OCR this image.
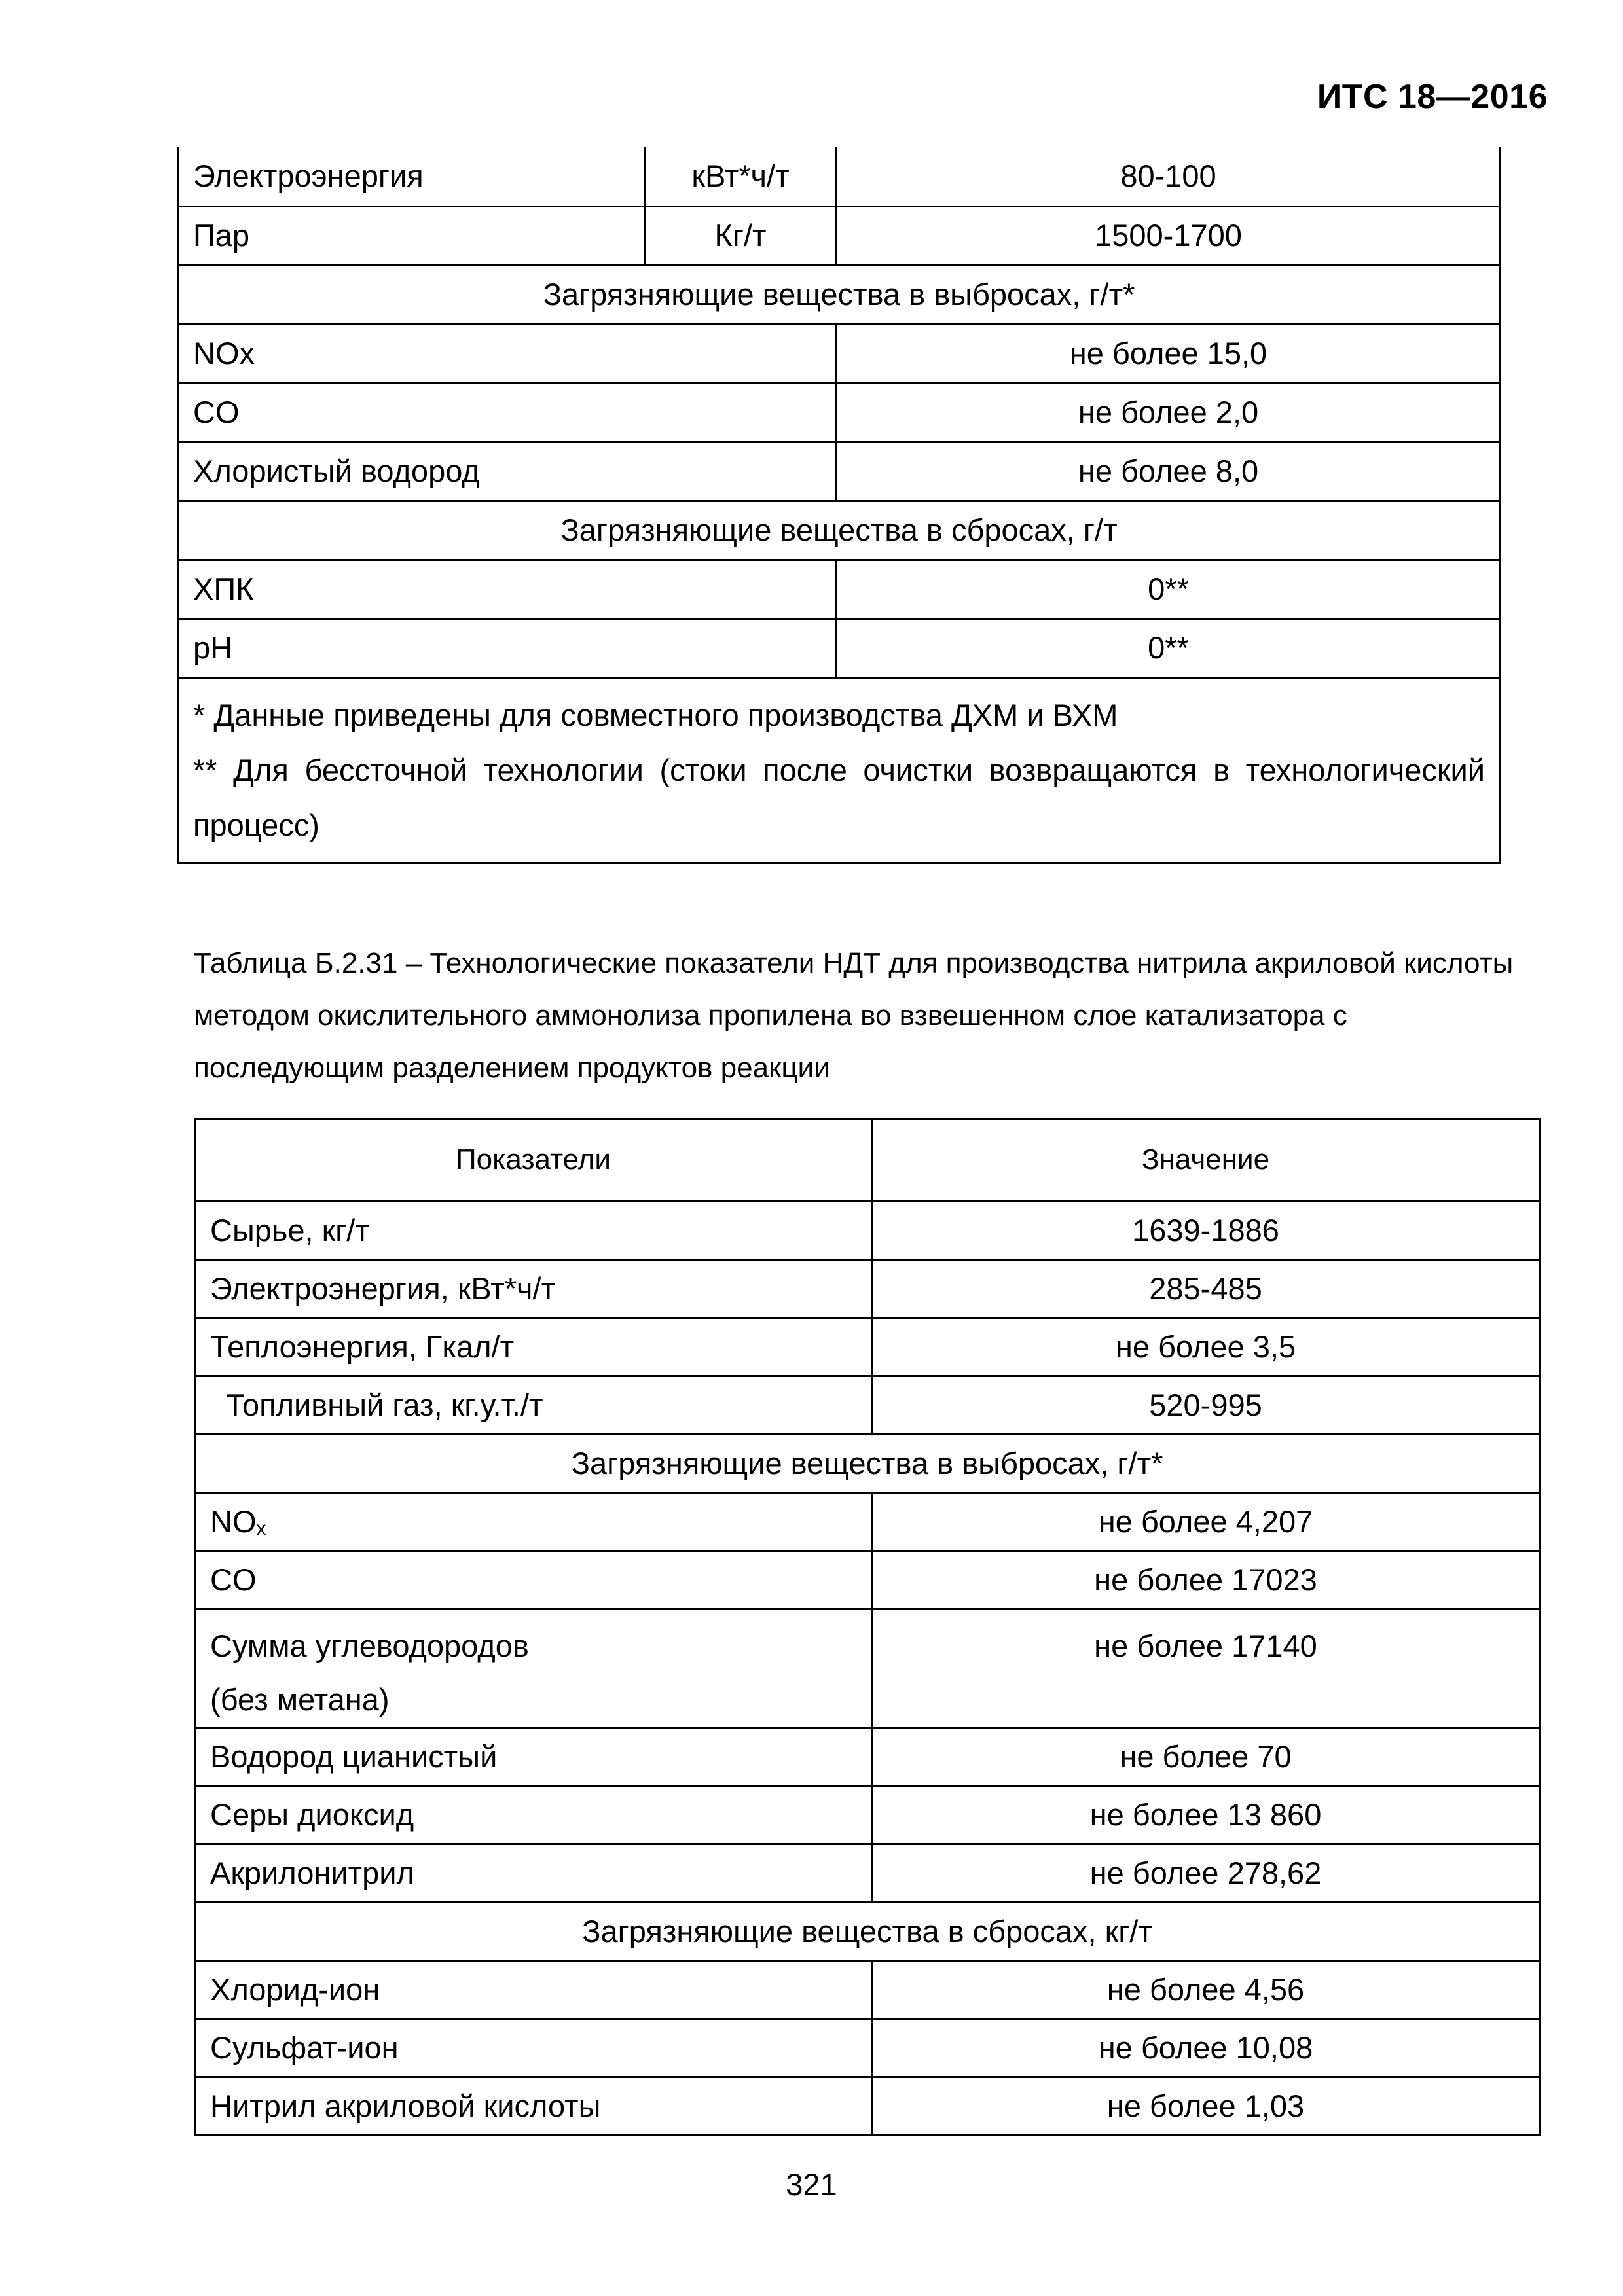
ИТС 18—2016
Электроэнергия	кВт*ч/т	80-100
Пар	Кг/т	1500-1700
Загрязняющие вещества в выбросах, г/т*		
NOx		не более 15,0
CO		не более 2,0
Хлористый водород		не более 8,0
Загрязняющие вещества в сбросах, г/т		
ХПК		0**
pH		0**

* Данные приведены для совместного производства ДХМ и ВХМ

** Для бессточной технологии (стоки после очистки возвращаются в технологический процесс)		

Таблица Б.2.31 – Технологические показатели НДТ для производства нитрила акриловой кислоты методом окислительного аммонолиза пропилена во взвешенном слое катализатора с последующим разделением продуктов реакции

Показатели	Значение
Сырье, кг/т	1639-1886
Электроэнергия, кВт*ч/т	285-485
Теплоэнергия, Гкал/т	не более 3,5
Топливный газ, кг.у.т./т	520-995
Загрязняющие вещества в выбросах, г/т*	
NOx	не более 4,207
CO	не более 17023

Сумма углеводородов
(без метана)	не более 17140
Водород цианистый	не более 70
Серы диоксид	не более 13 860
Акрилонитрил	не более 278,62
Загрязняющие вещества в сбросах, кг/т	
Хлорид-ион	не более 4,56
Сульфат-ион	не более 10,08
Нитрил акриловой кислоты	не более 1,03
321
